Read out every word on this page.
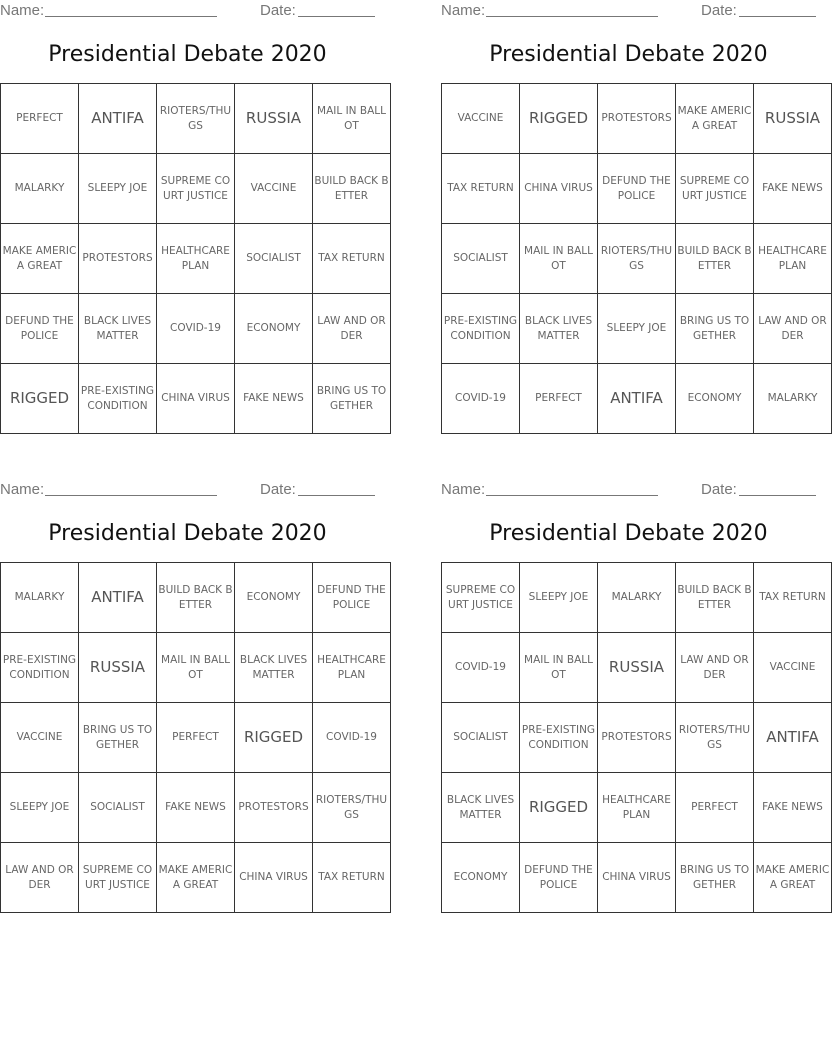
Name:	Date:
Presidential Debate 2020
PERFECT	ANTIFA	RIOTERS/THUGS	RUSSIA	MAIL IN BALLOT
MALARKY	SLEEPY JOE	SUPREME COURT JUSTICE	VACCINE	BUILD BACK BETTER
MAKE AMERICA GREAT	PROTESTORS	HEALTHCARE PLAN	SOCIALIST	TAX RETURN
DEFUND THE POLICE	BLACK LIVES MATTER	COVID-19	ECONOMY	LAW AND ORDER
RIGGED	PRE-EXISTING CONDITION	CHINA VIRUS	FAKE NEWS	BRING US TOGETHER
Name:	Date:
Presidential Debate 2020
VACCINE	RIGGED	PROTESTORS	MAKE AMERICA GREAT	RUSSIA
TAX RETURN	CHINA VIRUS	DEFUND THE POLICE	SUPREME COURT JUSTICE	FAKE NEWS
SOCIALIST	MAIL IN BALLOT	RIOTERS/THUGS	BUILD BACK BETTER	HEALTHCARE PLAN
PRE-EXISTING CONDITION	BLACK LIVES MATTER	SLEEPY JOE	BRING US TOGETHER	LAW AND ORDER
COVID-19	PERFECT	ANTIFA	ECONOMY	MALARKY
Name:	Date:
Presidential Debate 2020
MALARKY	ANTIFA	BUILD BACK BETTER	ECONOMY	DEFUND THE POLICE
PRE-EXISTING CONDITION	RUSSIA	MAIL IN BALLOT	BLACK LIVES MATTER	HEALTHCARE PLAN
VACCINE	BRING US TOGETHER	PERFECT	RIGGED	COVID-19
SLEEPY JOE	SOCIALIST	FAKE NEWS	PROTESTORS	RIOTERS/THUGS
LAW AND ORDER	SUPREME COURT JUSTICE	MAKE AMERICA GREAT	CHINA VIRUS	TAX RETURN
Name:	Date:
Presidential Debate 2020
SUPREME COURT JUSTICE	SLEEPY JOE	MALARKY	BUILD BACK BETTER	TAX RETURN
COVID-19	MAIL IN BALLOT	RUSSIA	LAW AND ORDER	VACCINE
SOCIALIST	PRE-EXISTING CONDITION	PROTESTORS	RIOTERS/THUGS	ANTIFA
BLACK LIVES MATTER	RIGGED	HEALTHCARE PLAN	PERFECT	FAKE NEWS
ECONOMY	DEFUND THE POLICE	CHINA VIRUS	BRING US TOGETHER	MAKE AMERICA GREAT
